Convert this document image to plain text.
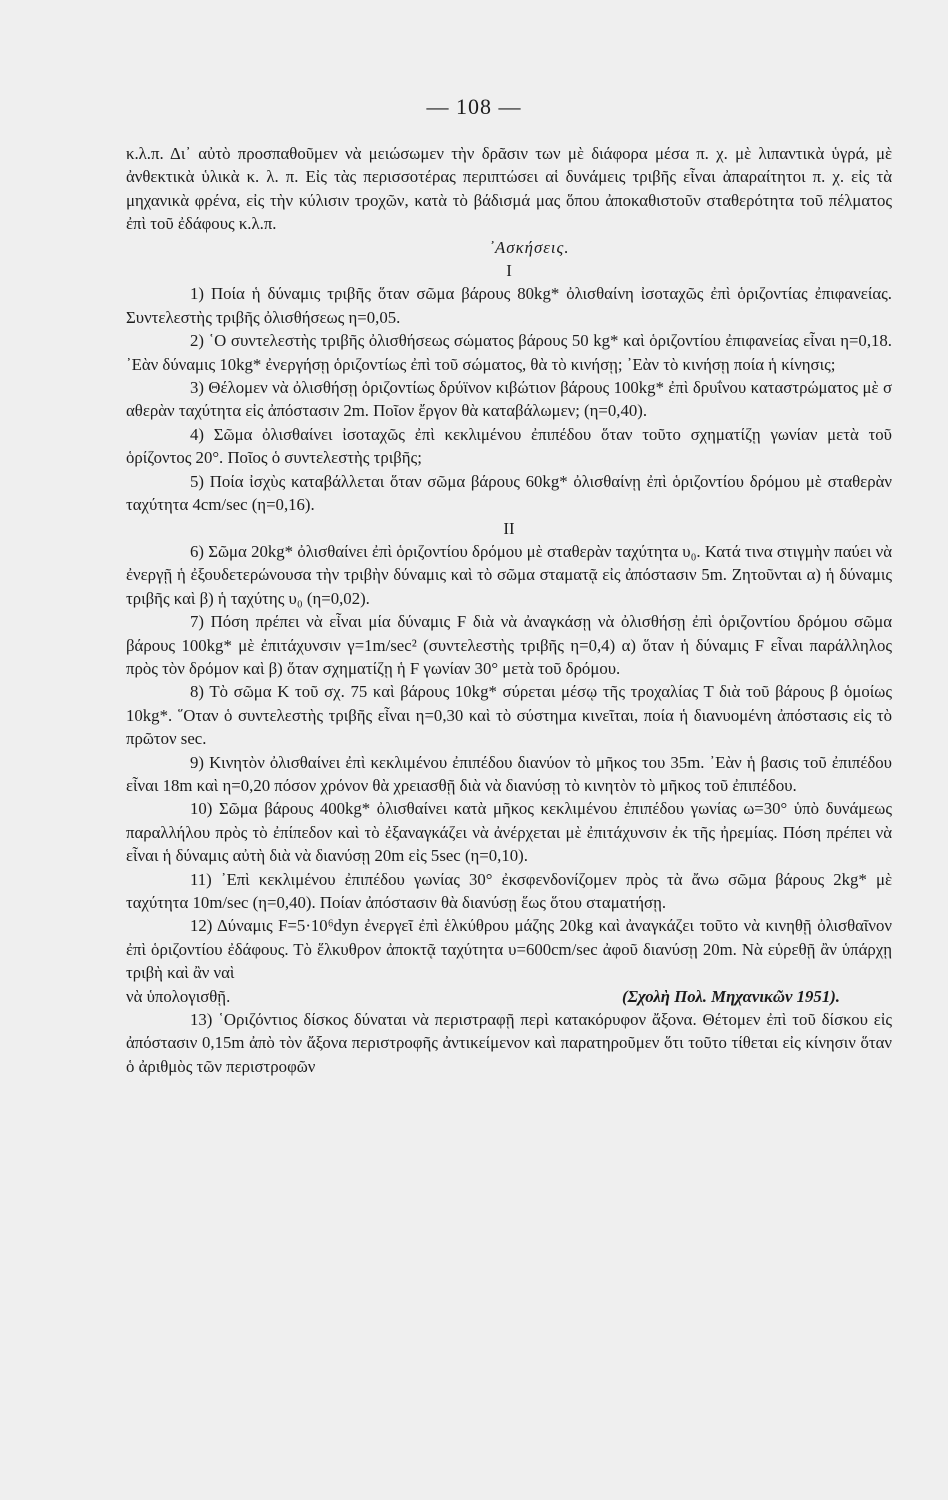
— 108 —

κ.λ.π. Δι᾽ αὐτὸ προσπαθοῦμεν νὰ μειώσωμεν τὴν δρᾶσιν των μὲ διάφορα μέσα π. χ. μὲ λιπαντικὰ ὑγρά, μὲ ἀνθεκτικὰ ὑλικὰ κ. λ. π. Εἰς τὰς περισσοτέρας περιπτώσει αἱ δυνάμεις τριβῆς εἶναι ἀπαραίτητοι π. χ. εἰς τὰ μηχανικὰ φρένα, εἰς τὴν κύλισιν τροχῶν, κατὰ τὸ βάδισμά μας ὅπου ἀποκαθιστοῦν σταθερότητα τοῦ πέλματος ἐπὶ τοῦ ἐδάφους κ.λ.π.

᾽Ασκήσεις.

I

1) Ποία ἡ δύναμις τριβῆς ὅταν σῶμα βάρους 80kg* ὀλισθαίνη ἰσοταχῶς ἐπὶ ὁριζοντίας ἐπιφανείας. Συντελεστὴς τριβῆς ὀλισθήσεως η=0,05.

2) ῾Ο συντελεστὴς τριβῆς ὀλισθήσεως σώματος βάρους 50 kg* καὶ ὁριζοντίου ἐπιφανείας εἶναι η=0,18. ᾽Εὰν δύναμις 10kg* ἐνεργήσῃ ὁριζοντίως ἐπὶ τοῦ σώματος, θὰ τὸ κινήσῃ; ᾽Εὰν τὸ κινήσῃ ποία ἡ κίνησις;

3) Θέλομεν νὰ ὀλισθήσῃ ὁριζοντίως δρύϊνον κιβώτιον βάρους 100kg* ἐπὶ δρυΐνου καταστρώματος μὲ σ αθερὰν ταχύτητα εἰς ἀπόστασιν 2m. Ποῖον ἔργον θὰ καταβάλωμεν; (η=0,40).

4) Σῶμα ὀλισθαίνει ἰσοταχῶς ἐπὶ κεκλιμένου ἐπιπέδου ὅταν τοῦτο σχηματίζῃ γωνίαν μετὰ τοῦ ὁρίζοντος 20°. Ποῖος ὁ συντελεστὴς τριβῆς;

5) Ποία ἰσχὺς καταβάλλεται ὅταν σῶμα βάρους 60kg* ὀλισθαίνῃ ἐπὶ ὁριζοντίου δρόμου μὲ σταθερὰν ταχύτητα 4cm/sec (η=0,16).

II

6) Σῶμα 20kg* ὀλισθαίνει ἐπὶ ὁριζοντίου δρόμου μὲ σταθερὰν ταχύτητα υ₀. Κατά τινα στιγμὴν παύει νὰ ἐνεργῇ ἡ ἐξουδετερώνουσα τὴν τριβὴν δύναμις καὶ τὸ σῶμα σταματᾷ εἰς ἀπόστασιν 5m. Ζητοῦνται α) ἡ δύναμις τριβῆς καὶ β) ἡ ταχύτης υ₀ (η=0,02).

7) Πόση πρέπει νὰ εἶναι μία δύναμις F διὰ νὰ ἀναγκάσῃ νὰ ὀλισθήσῃ ἐπὶ ὁριζοντίου δρόμου σῶμα βάρους 100kg* μὲ ἐπιτάχυνσιν γ=1m/sec² (συντελεστὴς τριβῆς η=0,4) α) ὅταν ἡ δύναμις F εἶναι παράλληλος πρὸς τὸν δρόμον καὶ β) ὅταν σχηματίζῃ ἡ F γωνίαν 30° μετὰ τοῦ δρόμου.

8) Τὸ σῶμα Κ τοῦ σχ. 75 καὶ βάρους 10kg* σύρεται μέσῳ τῆς τροχαλίας Τ διὰ τοῦ βάρους β ὁμοίως 10kg*. ῞Οταν ὁ συντελεστὴς τριβῆς εἶναι η=0,30 καὶ τὸ σύστημα κινεῖται, ποία ἡ διανυομένη ἀπόστασις εἰς τὸ πρῶτον sec.

9) Κινητὸν ὀλισθαίνει ἐπὶ κεκλιμένου ἐπιπέδου διανύον τὸ μῆκος του 35m. ᾽Εὰν ἡ βασις τοῦ ἐπιπέδου εἶναι 18m καὶ η=0,20 πόσον χρόνον θὰ χρειασθῇ διὰ νὰ διανύσῃ τὸ κινητὸν τὸ μῆκος τοῦ ἐπιπέδου.

10) Σῶμα βάρους 400kg* ὀλισθαίνει κατὰ μῆκος κεκλιμένου ἐπιπέδου γωνίας ω=30° ὑπὸ δυνάμεως παραλλήλου πρὸς τὸ ἐπίπεδον καὶ τὸ ἐξαναγκάζει νὰ ἀνέρχεται μὲ ἐπιτάχυνσιν ἐκ τῆς ἠρεμίας. Πόση πρέπει νὰ εἶναι ἡ δύναμις αὐτὴ διὰ νὰ διανύσῃ 20m εἰς 5sec (η=0,10).

11) ᾽Επὶ κεκλιμένου ἐπιπέδου γωνίας 30° ἐκσφενδονίζομεν πρὸς τὰ ἄνω σῶμα βάρους 2kg* μὲ ταχύτητα 10m/sec (η=0,40). Ποίαν ἀπόστασιν θὰ διανύσῃ ἕως ὅτου σταματήσῃ.

12) Δύναμις F=5·10⁶dyn ἐνεργεῖ ἐπὶ ἑλκύθρου μάζης 20kg καὶ ἀναγκάζει τοῦτο νὰ κινηθῇ ὀλισθαῖνον ἐπὶ ὁριζοντίου ἐδάφους. Τὸ ἕλκυθρον ἀποκτᾷ ταχύτητα υ=600cm/sec ἀφοῦ διανύσῃ 20m. Νὰ εὑρεθῇ ἂν ὑπάρχῃ τριβὴ καὶ ἂν ναὶ

νὰ ὑπολογισθῇ.	(Σχολὴ Πολ. Μηχανικῶν 1951).

13) ῾Οριζόντιος δίσκος δύναται νὰ περιστραφῇ περὶ κατακόρυφον ἄξονα. Θέτομεν ἐπὶ τοῦ δίσκου εἰς ἀπόστασιν 0,15m ἀπὸ τὸν ἄξονα περιστροφῆς ἀντικείμενον καὶ παρατηροῦμεν ὅτι τοῦτο τίθεται εἰς κίνησιν ὅταν ὁ ἀριθμὸς τῶν περιστροφῶν
